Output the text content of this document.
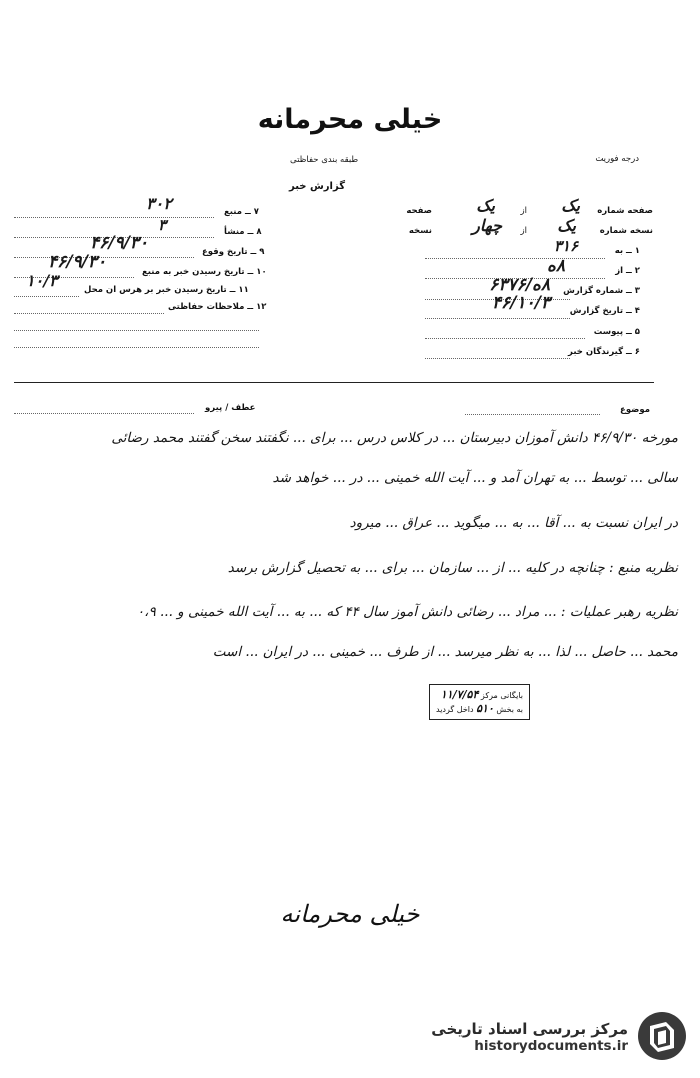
خیلی محرمانه
درجه فوریت
طبقه بندی حفاظتی
گزارش خبر
صفحه شماره
یک
از
یک
صفحه
نسخه شماره
یک
از
چهار
نسخه
۱ ــ به
۳۱۶
۲ ــ از
۸ه
۳ ــ شماره گزارش
۸ه/۶۳۷۶
۴ ــ تاریخ گزارش
۴۶/۱۰/۳
۵ ــ پیوست
۶ ــ گیرندگان خبر
۷ ــ منبع
۳۰۲
۸ ــ منشأ
۳
۹ ــ تاریخ وقوع
۴۶/۹/۳۰
۱۰ ــ تاریخ رسیدن خبر به منبع
۴۶/۹/۳۰
۱۱ ــ تاریخ رسیدن خبر بر هرس ان محل
۱۰/۳
۱۲ ــ ملاحظات حفاظتی
موضوع
عطف / پیرو
مورخه ۴۶/۹/۳۰ دانش آموزان دبیرستان ... در کلاس درس ... برای ... نگفتند سخن گفتند محمد رضائی
سالی ... توسط ... به تهران آمد و ... آیت الله خمینی ... در ... خواهد شد
در ایران نسبت به ... آقا ... به ... میگوید ... عراق ... میرود
نظریه منبع : چنانچه در کلیه ... از ... سازمان ... برای ... به تحصیل گزارش برسد
نظریه رهبر عملیات : ... مراد ... رضائی دانش آموز سال ۴۴ که ... به ... آیت الله خمینی و ... ۰،۹
محمد ... حاصل ... لذا ... به نظر میرسد ... از طرف ... خمینی ... در ایران ... است
بایگانی مرکز ۱۱/۷/۵۴
به بخش ۵۱۰ داخل گردید
خیلی محرمانه
مرکز بررسی اسناد تاریخی
historydocuments.ir
